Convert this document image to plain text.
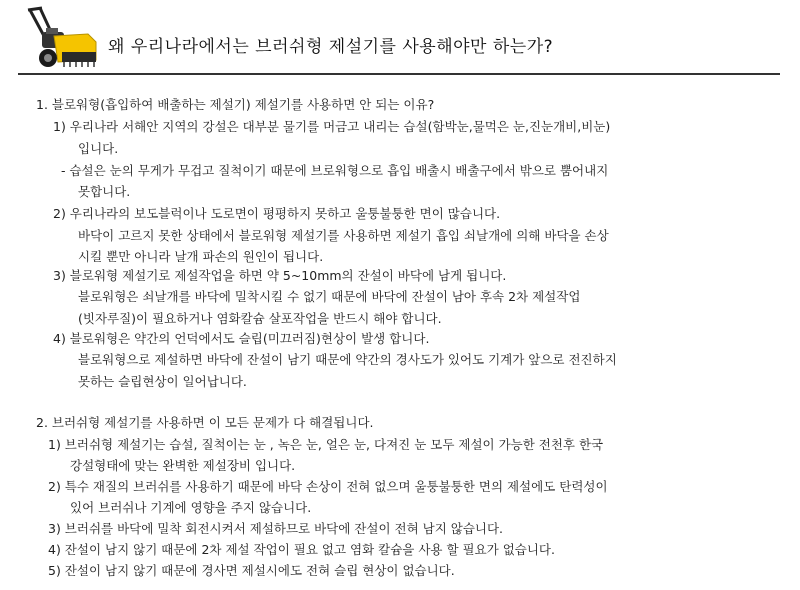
왜 우리나라에서는 브러쉬형 제설기를 사용해야만 하는가?
1. 블로워형(흡입하여 배출하는 제설기) 제설기를 사용하면 안 되는 이유?
1) 우리나라 서해안 지역의 강설은 대부분 물기를 머금고 내리는 습설(함박눈,물먹은 눈,진눈개비,비눈)
입니다.
- 습설은 눈의 무게가 무겁고 질척이기 때문에 브로워형으로 흡입 배출시 배출구에서 밖으로 뿜어내지
못합니다.
2) 우리나라의 보도블럭이나 도로면이 평평하지 못하고 울퉁불퉁한 면이 많습니다.
바닥이 고르지 못한 상태에서 블로워형 제설기를 사용하면 제설기 흡입 쇠날개에 의해 바닥을 손상
시킬 뿐만 아니라 날개 파손의 원인이 됩니다.
3) 블로워형 제설기로 제설작업을 하면 약 5~10mm의 잔설이 바닥에 남게 됩니다.
블로워형은 쇠날개를 바닥에 밀착시킬 수 없기 때문에 바닥에 잔설이 남아 후속 2차 제설작업
(빗자루질)이 필요하거나 염화칼슘 살포작업을 반드시 해야 합니다.
4) 블로워형은 약간의 언덕에서도 슬립(미끄러짐)현상이 발생 합니다.
블로워형으로 제설하면 바닥에 잔설이 남기 때문에 약간의 경사도가 있어도 기계가 앞으로 전진하지
못하는 슬립현상이 일어납니다.
2. 브러쉬형 제설기를 사용하면 이 모든 문제가 다 해결됩니다.
1) 브러쉬형 제설기는 습설, 질척이는 눈 , 녹은 눈, 얼은 눈, 다져진 눈 모두 제설이 가능한 전천후 한국
강설형태에 맞는 완벽한 제설장비 입니다.
2) 특수 재질의 브러쉬를 사용하기 때문에 바닥 손상이 전혀 없으며 울퉁불퉁한 면의 제설에도 탄력성이
있어 브러쉬나 기계에 영향을 주지 않습니다.
3) 브러쉬를 바닥에 밀착 회전시켜서 제설하므로 바닥에 잔설이 전혀 남지 않습니다.
4) 잔설이 남지 않기 때문에 2차 제설 작업이 필요 없고 염화 칼슘을 사용 할 필요가 없습니다.
5) 잔설이 남지 않기 때문에 경사면 제설시에도 전혀 슬립 현상이 없습니다.
